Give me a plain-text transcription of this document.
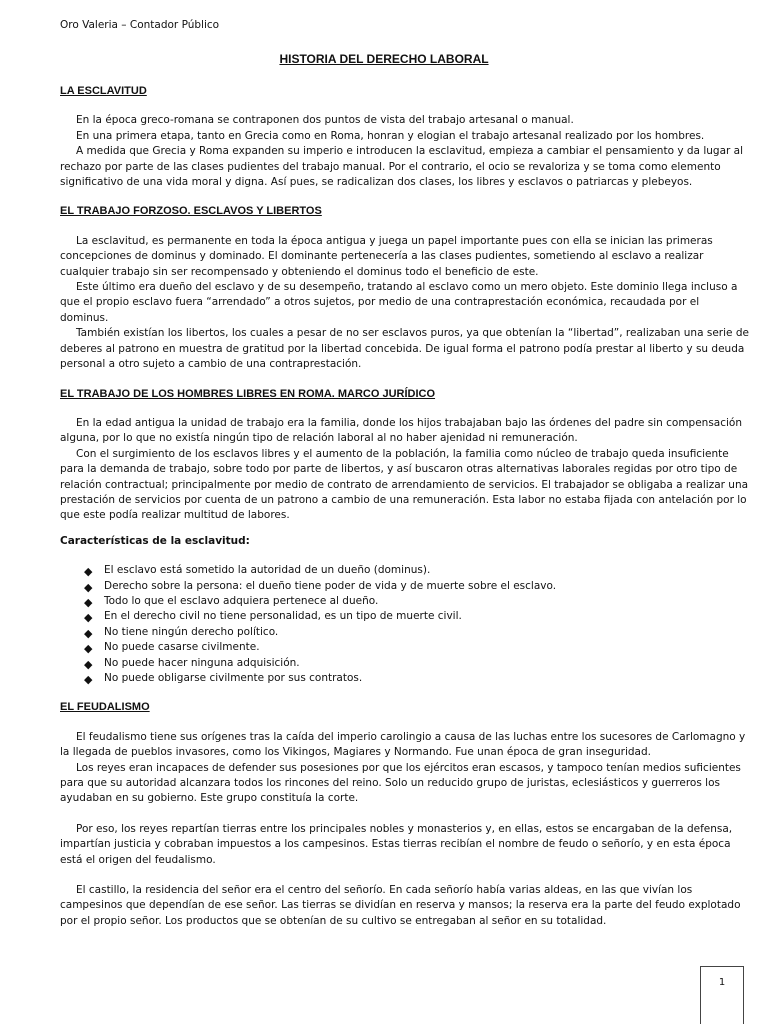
Oro Valeria – Contador Público
HISTORIA DEL DERECHO LABORAL
LA ESCLAVITUD

En la época greco-romana se contraponen dos puntos de vista del trabajo artesanal o manual.

En una primera etapa, tanto en Grecia como en Roma, honran y elogian el trabajo artesanal realizado por los hombres.

A medida que Grecia y Roma expanden su imperio e introducen la esclavitud, empieza a cambiar el pensamiento y da lugar al rechazo por parte de las clases pudientes del trabajo manual. Por el contrario, el ocio se revaloriza y se toma como elemento significativo de una vida moral y digna. Así pues, se radicalizan dos clases, los libres y esclavos o patriarcas y plebeyos.

EL TRABAJO FORZOSO. ESCLAVOS Y LIBERTOS

La esclavitud, es permanente en toda la época antigua y juega un papel importante pues con ella se inician las primeras concepciones de dominus y dominado. El dominante pertenecería a las clases pudientes, sometiendo al esclavo a realizar cualquier trabajo sin ser recompensado y obteniendo el dominus todo el beneficio de este.

Este último era dueño del esclavo y de su desempeño, tratando al esclavo como un mero objeto. Este dominio llega incluso a que el propio esclavo fuera “arrendado” a otros sujetos, por medio de una contraprestación económica, recaudada por el dominus.

También existían los libertos, los cuales a pesar de no ser esclavos puros, ya que obtenían la “libertad”, realizaban una serie de deberes al patrono en muestra de gratitud por la libertad concebida. De igual forma el patrono podía prestar al liberto y su deuda personal a otro sujeto a cambio de una contraprestación.

EL TRABAJO DE LOS HOMBRES LIBRES EN ROMA. MARCO JURÍDICO

En la edad antigua la unidad de trabajo era la familia, donde los hijos trabajaban bajo las órdenes del padre sin compensación alguna, por lo que no existía ningún tipo de relación laboral al no haber ajenidad ni remuneración.

Con el surgimiento de los esclavos libres y el aumento de la población, la familia como núcleo de trabajo queda insuficiente para la demanda de trabajo, sobre todo por parte de libertos, y así buscaron otras alternativas laborales regidas por otro tipo de relación contractual; principalmente por medio de contrato de arrendamiento de servicios. El trabajador se obligaba a realizar una prestación de servicios por cuenta de un patrono a cambio de una remuneración. Esta labor no estaba fijada con antelación por lo que este podía realizar multitud de labores.

Características de la esclavitud:
◆ El esclavo está sometido la autoridad de un dueño (dominus).
◆ Derecho sobre la persona: el dueño tiene poder de vida y de muerte sobre el esclavo.
◆ Todo lo que el esclavo adquiera pertenece al dueño.
◆ En el derecho civil no tiene personalidad, es un tipo de muerte civil.
◆ No tiene ningún derecho político.
◆ No puede casarse civilmente.
◆ No puede hacer ninguna adquisición.
◆ No puede obligarse civilmente por sus contratos.
EL FEUDALISMO

El feudalismo tiene sus orígenes tras la caída del imperio carolingio a causa de las luchas entre los sucesores de Carlomagno y la llegada de pueblos invasores, como los Vikingos, Magiares y Normando. Fue unan época de gran inseguridad.

Los reyes eran incapaces de defender sus posesiones por que los ejércitos eran escasos, y tampoco tenían medios suficientes para que su autoridad alcanzara todos los rincones del reino. Solo un reducido grupo de juristas, eclesiásticos y guerreros los ayudaban en su gobierno. Este grupo constituía la corte.

Por eso, los reyes repartían tierras entre los principales nobles y monasterios y, en ellas, estos se encargaban de la defensa, impartían justicia y cobraban impuestos a los campesinos. Estas tierras recibían el nombre de feudo o señorío, y en esta época está el origen del feudalismo.

El castillo, la residencia del señor era el centro del señorío. En cada señorío había varias aldeas, en las que vivían los campesinos que dependían de ese señor. Las tierras se dividían en reserva y mansos; la reserva era la parte del feudo explotado por el propio señor. Los productos que se obtenían de su cultivo se entregaban al señor en su totalidad.

1
